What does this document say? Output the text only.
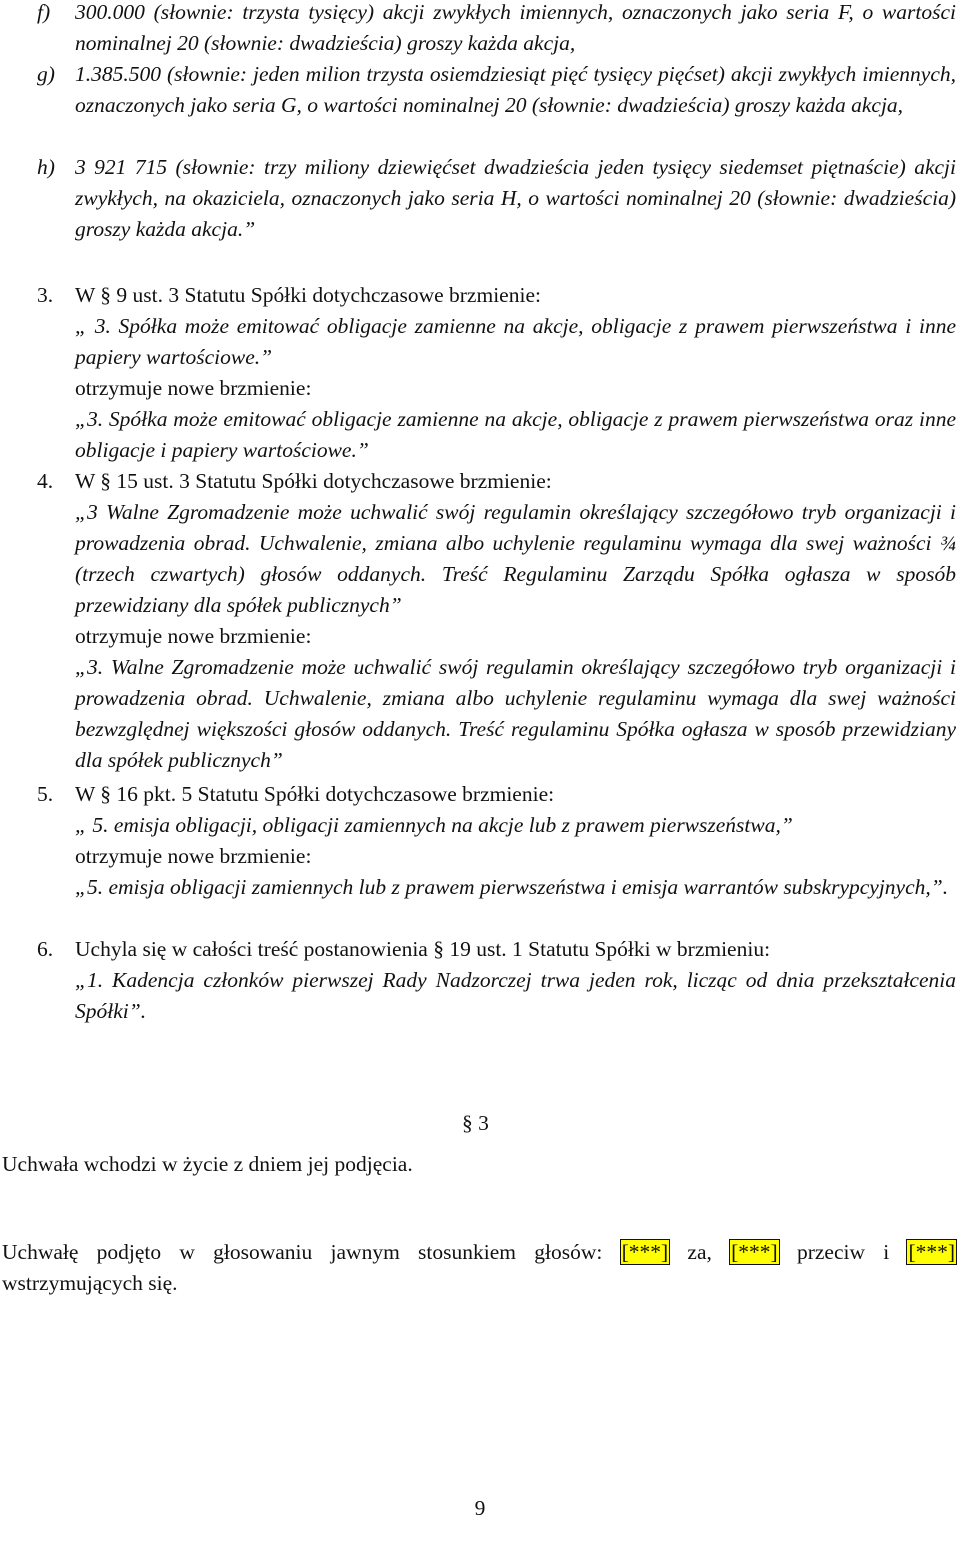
f) 300.000 (słownie: trzysta tysięcy) akcji zwykłych imiennych, oznaczonych jako seria F, o wartości nominalnej 20 (słownie: dwadzieścia) groszy każda akcja,
g) 1.385.500 (słownie: jeden milion trzysta osiemdziesiąt pięć tysięcy pięćset) akcji zwykłych imiennych, oznaczonych jako seria G, o wartości nominalnej 20 (słownie: dwadzieścia) groszy każda akcja,
h) 3 921 715 (słownie: trzy miliony dziewięćset dwadzieścia jeden tysięcy siedemset piętnaście) akcji zwykłych, na okaziciela, oznaczonych jako seria H, o wartości nominalnej 20 (słownie: dwadzieścia) groszy każda akcja.”
3. W § 9 ust. 3 Statutu Spółki dotychczasowe brzmienie:
„ 3. Spółka może emitować obligacje zamienne na akcje, obligacje z prawem pierwszeństwa i inne papiery wartościowe.”
otrzymuje nowe brzmienie:
„3. Spółka może emitować obligacje zamienne na akcje, obligacje z prawem pierwszeństwa oraz inne obligacje i papiery wartościowe.”
4. W § 15 ust. 3 Statutu Spółki dotychczasowe brzmienie:
„3 Walne Zgromadzenie może uchwalić swój regulamin określający szczegółowo tryb organizacji i prowadzenia obrad. Uchwalenie, zmiana albo uchylenie regulaminu wymaga dla swej ważności ¾ (trzech czwartych) głosów oddanych. Treść Regulaminu Zarządu Spółka ogłasza w sposób przewidziany dla spółek publicznych”
otrzymuje nowe brzmienie:
„3. Walne Zgromadzenie może uchwalić swój regulamin określający szczegółowo tryb organizacji i prowadzenia obrad. Uchwalenie, zmiana albo uchylenie regulaminu wymaga dla swej ważności bezwzględnej większości głosów oddanych. Treść regulaminu Spółka ogłasza w sposób przewidziany dla spółek publicznych”
5. W § 16 pkt. 5 Statutu Spółki dotychczasowe brzmienie:
„ 5. emisja obligacji, obligacji zamiennych na akcje lub z prawem pierwszeństwa,”
otrzymuje nowe brzmienie:
„5. emisja obligacji zamiennych lub z prawem pierwszeństwa i emisja warrantów subskrypcyjnych,”.
6. Uchyla się w całości treść postanowienia § 19 ust. 1 Statutu Spółki w brzmieniu:
„1. Kadencja członków pierwszej Rady Nadzorczej trwa jeden rok, licząc od dnia przekształcenia Spółki”.
§ 3
Uchwała wchodzi w życie z dniem jej podjęcia.
Uchwałę podjęto w głosowaniu jawnym stosunkiem głosów: [***] za, [***] przeciw i [***]
wstrzymujących się.
9
